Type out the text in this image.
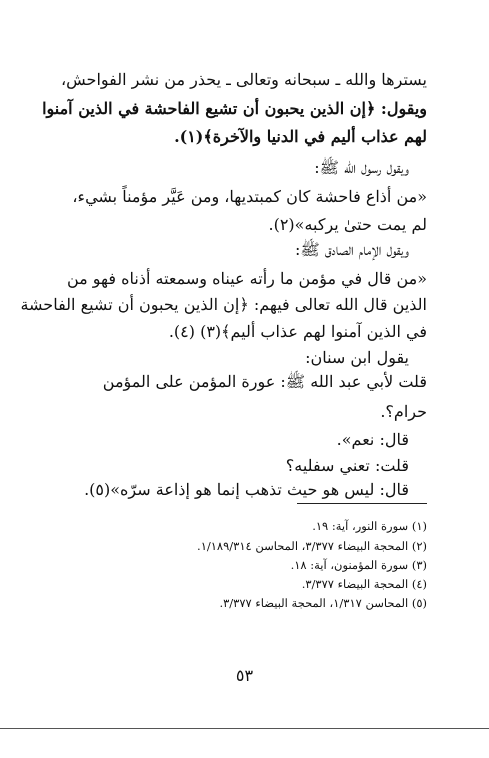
يسترها والله ـ سبحانه وتعالى ـ يحذر من نشر الفواحش،
ويقول: ﴿إن الذين يحبون أن تشيع الفاحشة في الذين آمنوا
لهم عذاب أليم في الدنيا والآخرة﴾(١).
ويقول رسول الله ﷺ:
«من أذاع فاحشة كان كمبتديها، ومن عَيَّر مؤمناً بشيء،
لم يمت حتىٰ يركبه»(٢).
ويقول الإمام الصادق ﷺ:
«من قال في مؤمن ما رأته عيناه وسمعته أذناه فهو من
الذين قال الله تعالى فيهم: ﴿إن الذين يحبون أن تشيع الفاحشة
في الذين آمنوا لهم عذاب أليم﴾(٣) (٤).
يقول ابن سنان:
قلت لأبي عبد الله ﷺ: عورة المؤمن على المؤمن
حرام؟.
قال: نعم».
قلت: تعني سفليه؟
قال: ليس هو حيث تذهب إنما هو إذاعة سرّه»(٥).
(١) سورة النور، آية: ١٩.
(٢) المحجة البيضاء ٣/٣٧٧، المحاسن ١/١٨٩/٣١٤.
(٣) سورة المؤمنون، آية: ١٨.
(٤) المحجة البيضاء ٣/٣٧٧.
(٥) المحاسن ١/٣١٧، المحجة البيضاء ٣/٣٧٧.
٥٣
